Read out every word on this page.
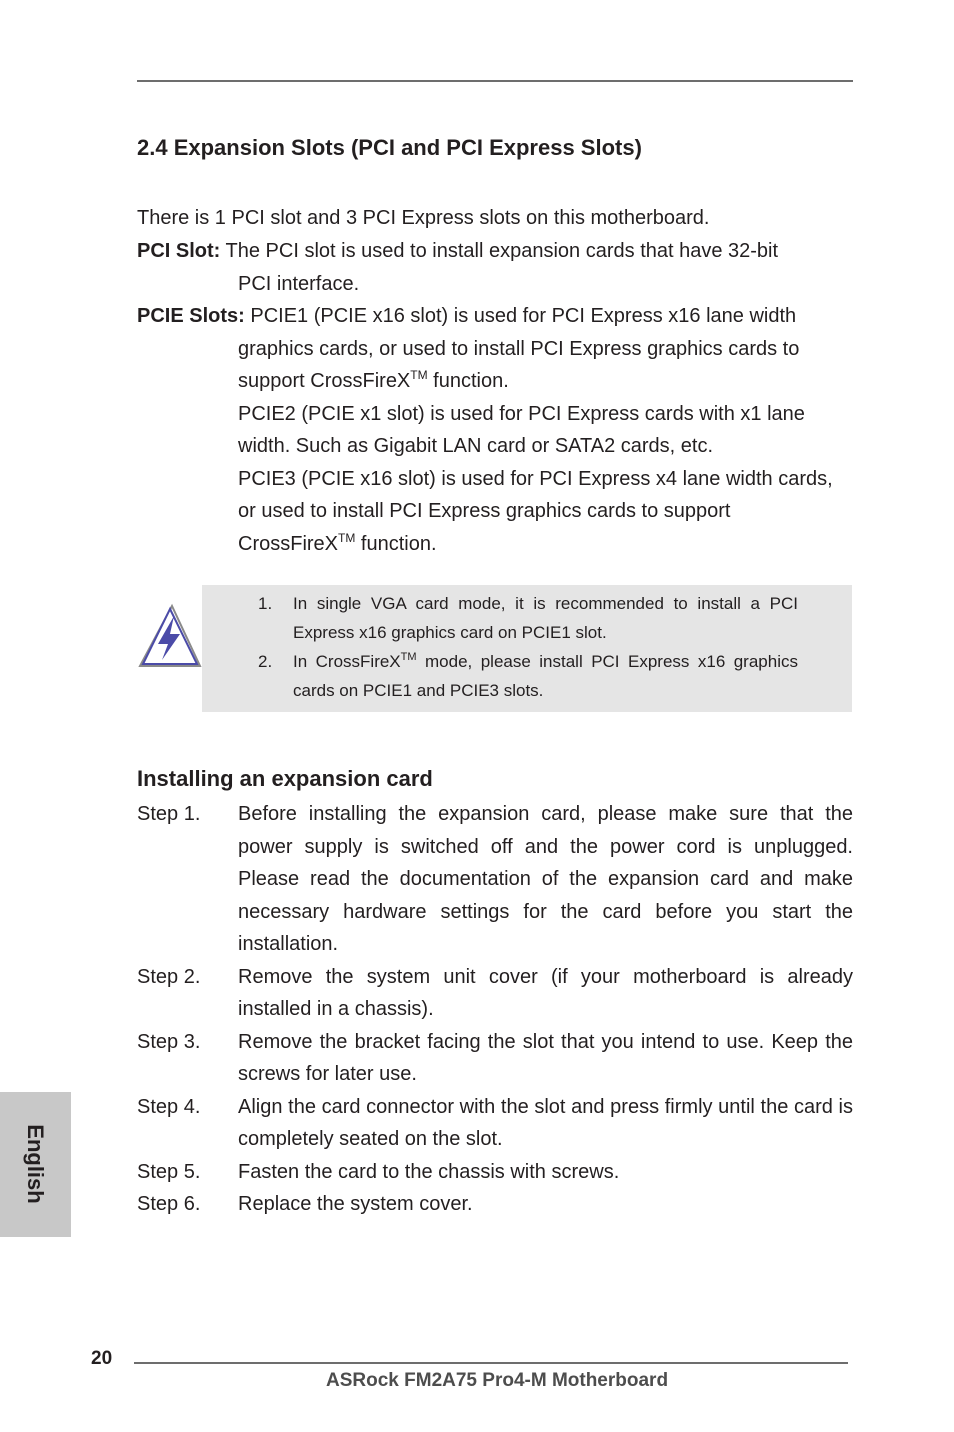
2.4 Expansion Slots (PCI and PCI Express Slots)

There is 1 PCI slot and 3 PCI Express slots on this motherboard.

PCI Slot: The PCI slot is used to install expansion cards that have 32-bit

PCI interface.

PCIE Slots: PCIE1 (PCIE x16 slot) is used for PCI Express x16 lane width

graphics cards, or used to install PCI Express graphics cards to

support CrossFireX™ function.

PCIE2 (PCIE x1 slot) is used for PCI Express cards with x1 lane width. Such as Gigabit LAN card or SATA2 cards, etc.

PCIE3 (PCIE x16 slot) is used for PCI Express x4 lane width cards, or used to install PCI Express graphics cards to support CrossFireX™ function.

1. In single VGA card mode, it is recommended to install a PCI Express x16 graphics card on PCIE1 slot.
2. In CrossFireX™ mode, please install PCI Express x16 graphics cards on PCIE1 and PCIE3 slots.
Installing an expansion card
Step 1. Before installing the expansion card, please make sure that the power supply is switched off and the power cord is unplugged. Please read the documentation of the expansion card and make necessary hardware settings for the card before you start the installation.
Step 2. Remove the system unit cover (if your motherboard is already installed in a chassis).
Step 3. Remove the bracket facing the slot that you intend to use. Keep the screws for later use.
Step 4. Align the card connector with the slot and press firmly until the card is completely seated on the slot.
Step 5. Fasten the card to the chassis with screws.
Step 6. Replace the system cover.
English
20
ASRock FM2A75 Pro4-M Motherboard
